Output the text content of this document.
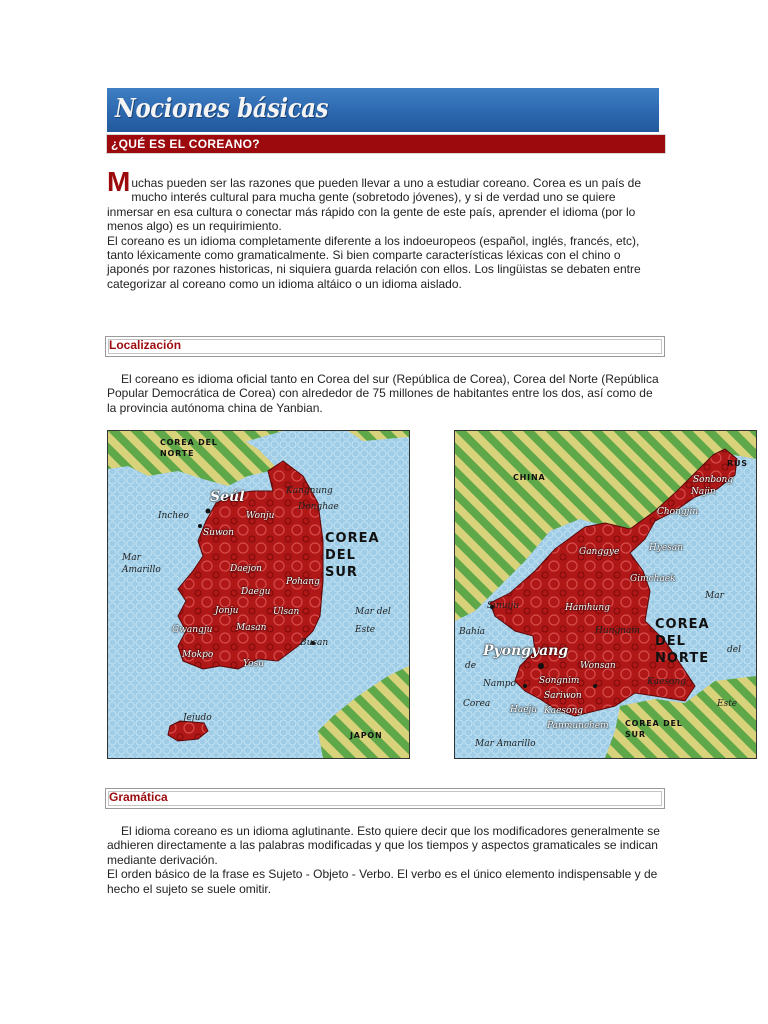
Nociones básicas
¿QUÉ ES EL COREANO?
M uchas pueden ser las razones que pueden llevar a uno a estudiar coreano. Corea es un país de mucho interés cultural para mucha gente (sobretodo jóvenes), y si de verdad uno se quiere inmersar en esa cultura o conectar más rápido con la gente de este país, aprender el idioma (por lo menos algo) es un requirimiento.
El coreano es un idioma completamente diferente a los indoeuropeos (español, inglés, francés, etc), tanto léxicamente como gramaticalmente. Si bien comparte características léxicas con el chino o japonés por razones historicas, ni siquiera guarda relación con ellos. Los lingüistas se debaten entre categorizar al coreano como un idioma altáico o un idioma aislado.
Localización
El coreano es idioma oficial tanto en Corea del sur (República de Corea), Corea del Norte (República Popular Democrática de Corea) con alrededor de 75 millones de habitantes entre los dos, así como de la provincia autónoma china de Yanbian.
COREA DEL
NORTE
Seúl
Incheo
Suwon
Wonju
Kangnung
Donghae
Daejon
Daegu
Pohang
Jonju	Ulsan
Gwangju	Masan
Busan
Mokpo
Yosu
Jejudo
COREA
DEL
SUR
Mar
Amarillo
Mar del
Este
JAPÓN
CHINA
RUS
Sonbong
Najin
Chongjin
Ganggye	Hyesan
Gimchaek
Sinuiju	Hamhung
Hungnam
Bahía
de
Corea
Pyongyang
Wonsan
Songnim
Sariwon
Nampo	Kaesong
Kaesong
Haeju
Panmunchem
COREA
DEL
NORTE
Mar
del
Este
COREA DEL
SUR
Mar Amarillo
Gramática
El idioma coreano es un idioma aglutinante. Esto quiere decir que los modificadores generalmente se adhieren directamente a las palabras modificadas y que los tiempos y aspectos gramaticales se indican mediante derivación.
El orden básico de la frase es Sujeto - Objeto - Verbo. El verbo es el único elemento indispensable y de hecho el sujeto se suele omitir.
